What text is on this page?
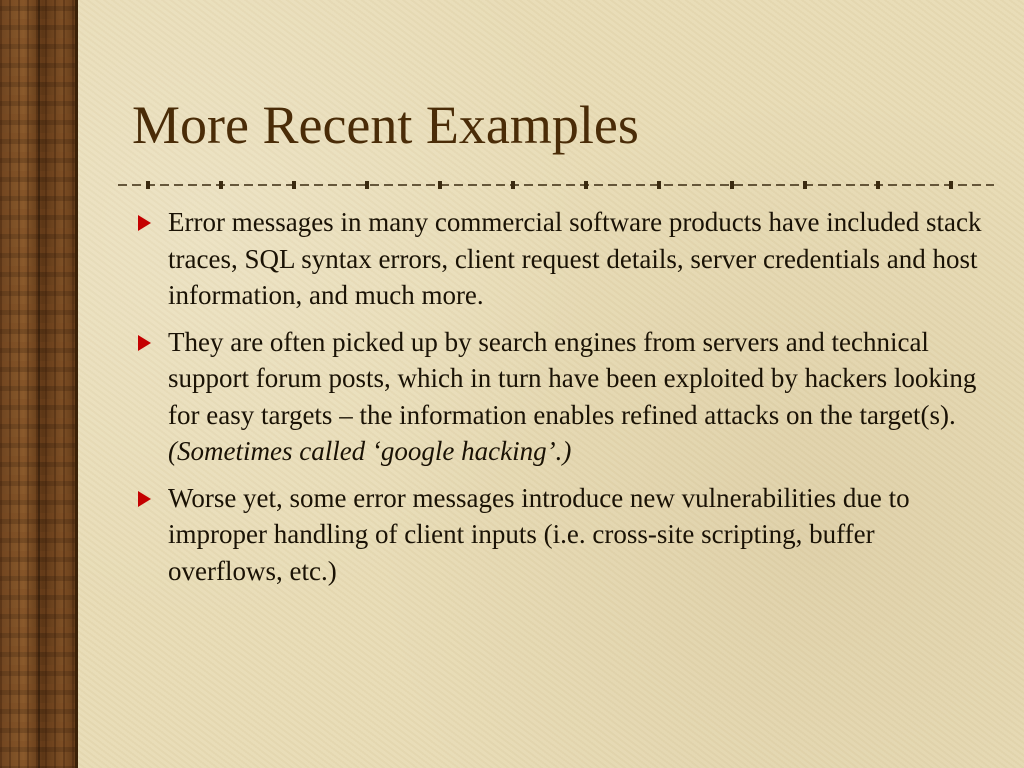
More Recent Examples
Error messages in many commercial software products have included stack traces, SQL syntax errors, client request details, server credentials and host information, and much more.
They are often picked up by search engines from servers and technical support forum posts, which in turn have been exploited by hackers looking for easy targets – the information enables refined attacks on the target(s).
(Sometimes called ‘google hacking’.)
Worse yet, some error messages introduce new vulnerabilities due to improper handling of client inputs (i.e. cross-site scripting, buffer overflows, etc.)
